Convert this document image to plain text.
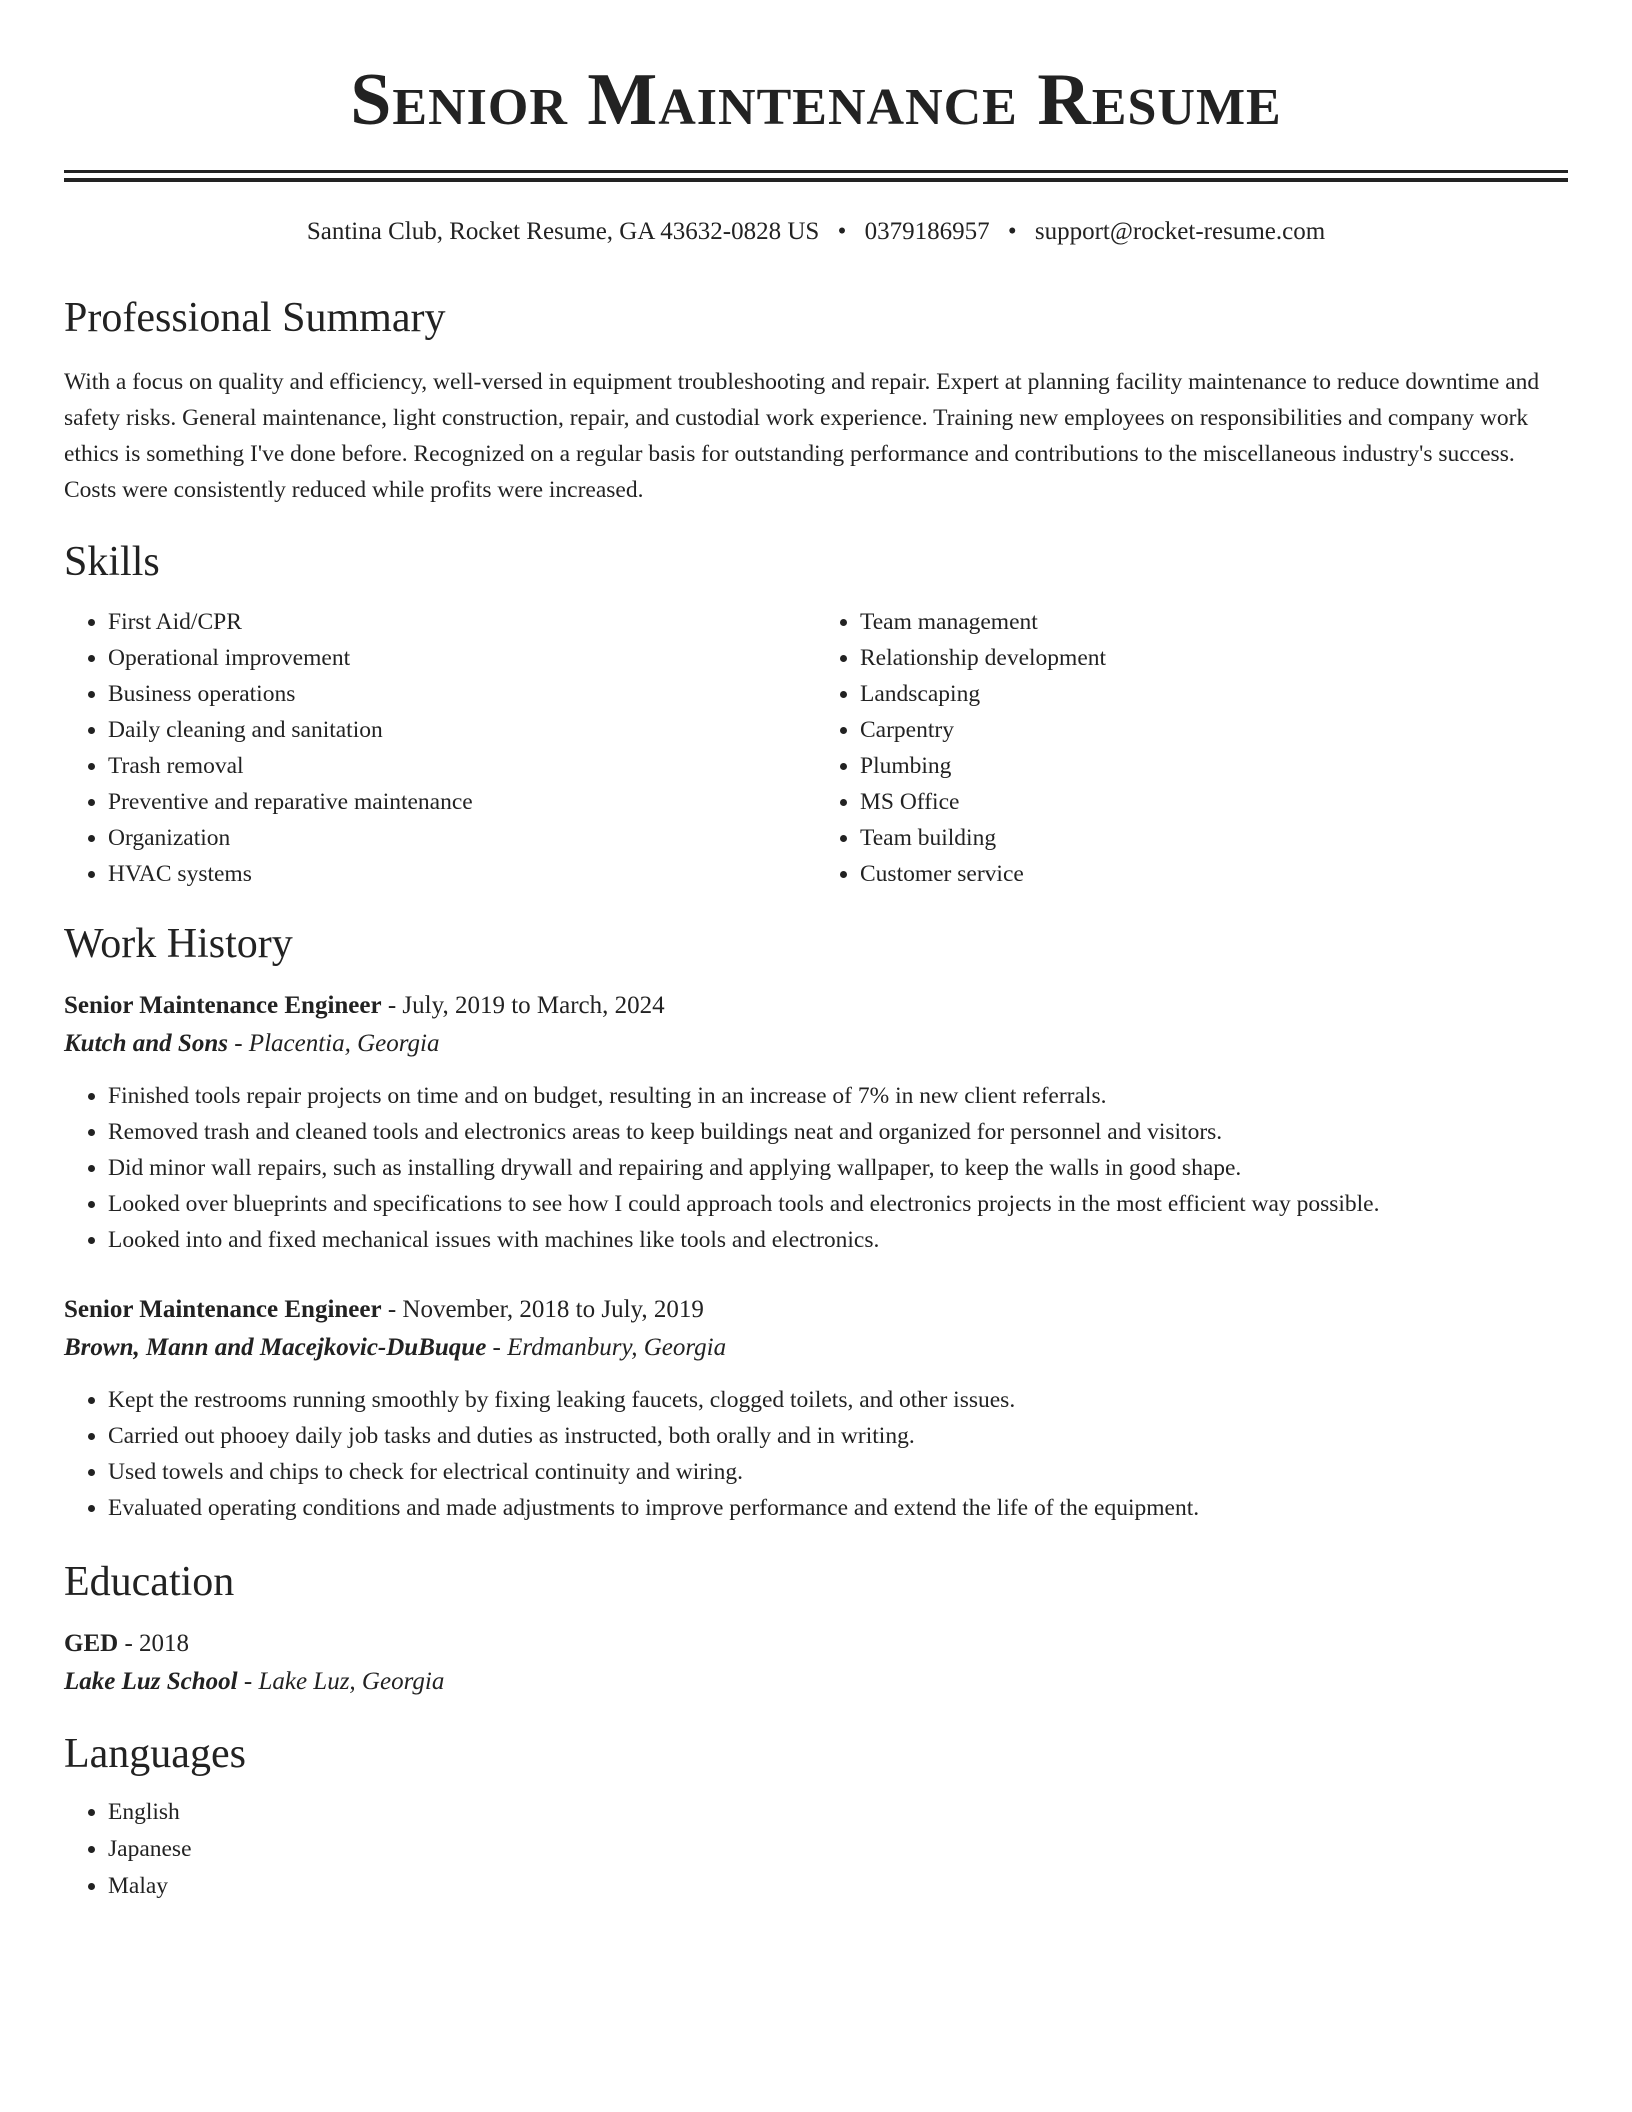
Senior Maintenance Resume
Santina Club, Rocket Resume, GA 43632-0828 US • 0379186957 • support@rocket-resume.com
Professional Summary
With a focus on quality and efficiency, well-versed in equipment troubleshooting and repair. Expert at planning facility maintenance to reduce downtime and safety risks. General maintenance, light construction, repair, and custodial work experience. Training new employees on responsibilities and company work ethics is something I've done before. Recognized on a regular basis for outstanding performance and contributions to the miscellaneous industry's success. Costs were consistently reduced while profits were increased.
Skills
• First Aid/CPR
• Operational improvement
• Business operations
• Daily cleaning and sanitation
• Trash removal
• Preventive and reparative maintenance
• Organization
• HVAC systems
• Team management
• Relationship development
• Landscaping
• Carpentry
• Plumbing
• MS Office
• Team building
• Customer service
Work History
Senior Maintenance Engineer - July, 2019 to March, 2024
Kutch and Sons - Placentia, Georgia
• Finished tools repair projects on time and on budget, resulting in an increase of 7% in new client referrals.
• Removed trash and cleaned tools and electronics areas to keep buildings neat and organized for personnel and visitors.
• Did minor wall repairs, such as installing drywall and repairing and applying wallpaper, to keep the walls in good shape.
• Looked over blueprints and specifications to see how I could approach tools and electronics projects in the most efficient way possible.
• Looked into and fixed mechanical issues with machines like tools and electronics.
Senior Maintenance Engineer - November, 2018 to July, 2019
Brown, Mann and Macejkovic-DuBuque - Erdmanbury, Georgia
• Kept the restrooms running smoothly by fixing leaking faucets, clogged toilets, and other issues.
• Carried out phooey daily job tasks and duties as instructed, both orally and in writing.
• Used towels and chips to check for electrical continuity and wiring.
• Evaluated operating conditions and made adjustments to improve performance and extend the life of the equipment.
Education
GED - 2018
Lake Luz School - Lake Luz, Georgia
Languages
• English
• Japanese
• Malay
